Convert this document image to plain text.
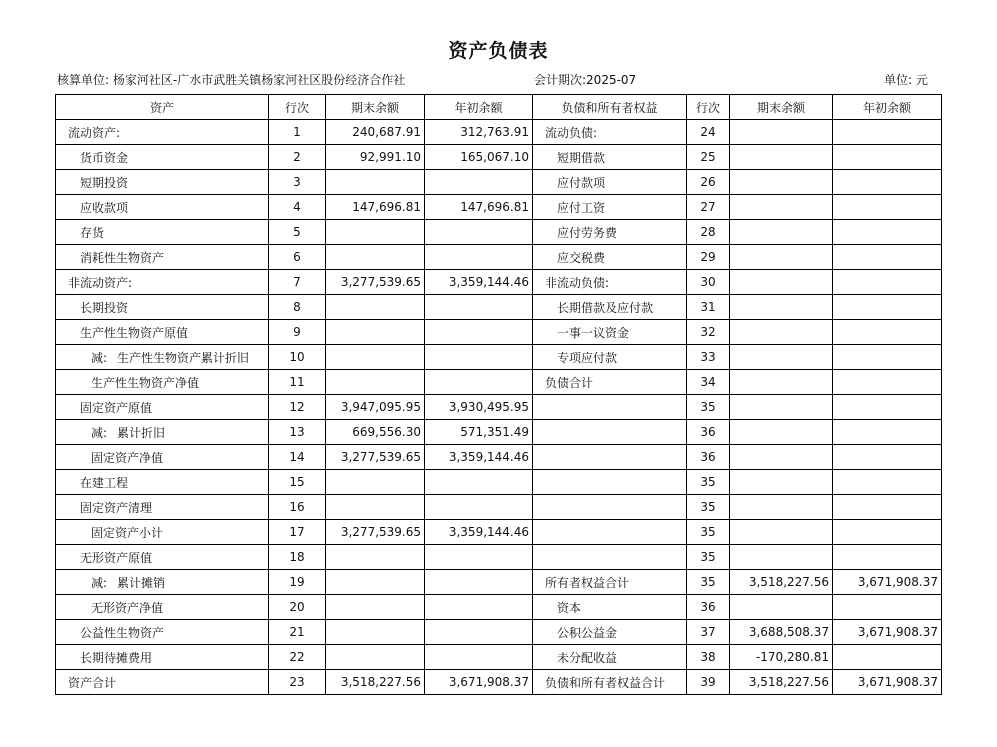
资产负债表
核算单位: 杨家河社区-广水市武胜关镇杨家河社区股份经济合作社	会计期次:2025-07	单位: 元
资产	行次	期末余额	年初余额	负债和所有者权益	行次	期末余额	年初余额
流动资产:	1	240,687.91	312,763.91	流动负债:	24		
货币资金	2	92,991.10	165,067.10	短期借款	25		
短期投资	3			应付款项	26		
应收款项	4	147,696.81	147,696.81	应付工资	27		
存货	5			应付劳务费	28		
消耗性生物资产	6			应交税费	29		
非流动资产:	7	3,277,539.65	3,359,144.46	非流动负债:	30		
长期投资	8			长期借款及应付款	31		
生产性生物资产原值	9			一事一议资金	32		
减: 生产性生物资产累计折旧	10			专项应付款	33		
生产性生物资产净值	11			负债合计	34		
固定资产原值	12	3,947,095.95	3,930,495.95		35		
减: 累计折旧	13	669,556.30	571,351.49		36		
固定资产净值	14	3,277,539.65	3,359,144.46		36		
在建工程	15				35		
固定资产清理	16				35		
固定资产小计	17	3,277,539.65	3,359,144.46		35		
无形资产原值	18				35		
减: 累计摊销	19			所有者权益合计	35	3,518,227.56	3,671,908.37
无形资产净值	20			资本	36		
公益性生物资产	21			公积公益金	37	3,688,508.37	3,671,908.37
长期待摊费用	22			未分配收益	38	-170,280.81	
资产合计	23	3,518,227.56	3,671,908.37	负债和所有者权益合计	39	3,518,227.56	3,671,908.37
